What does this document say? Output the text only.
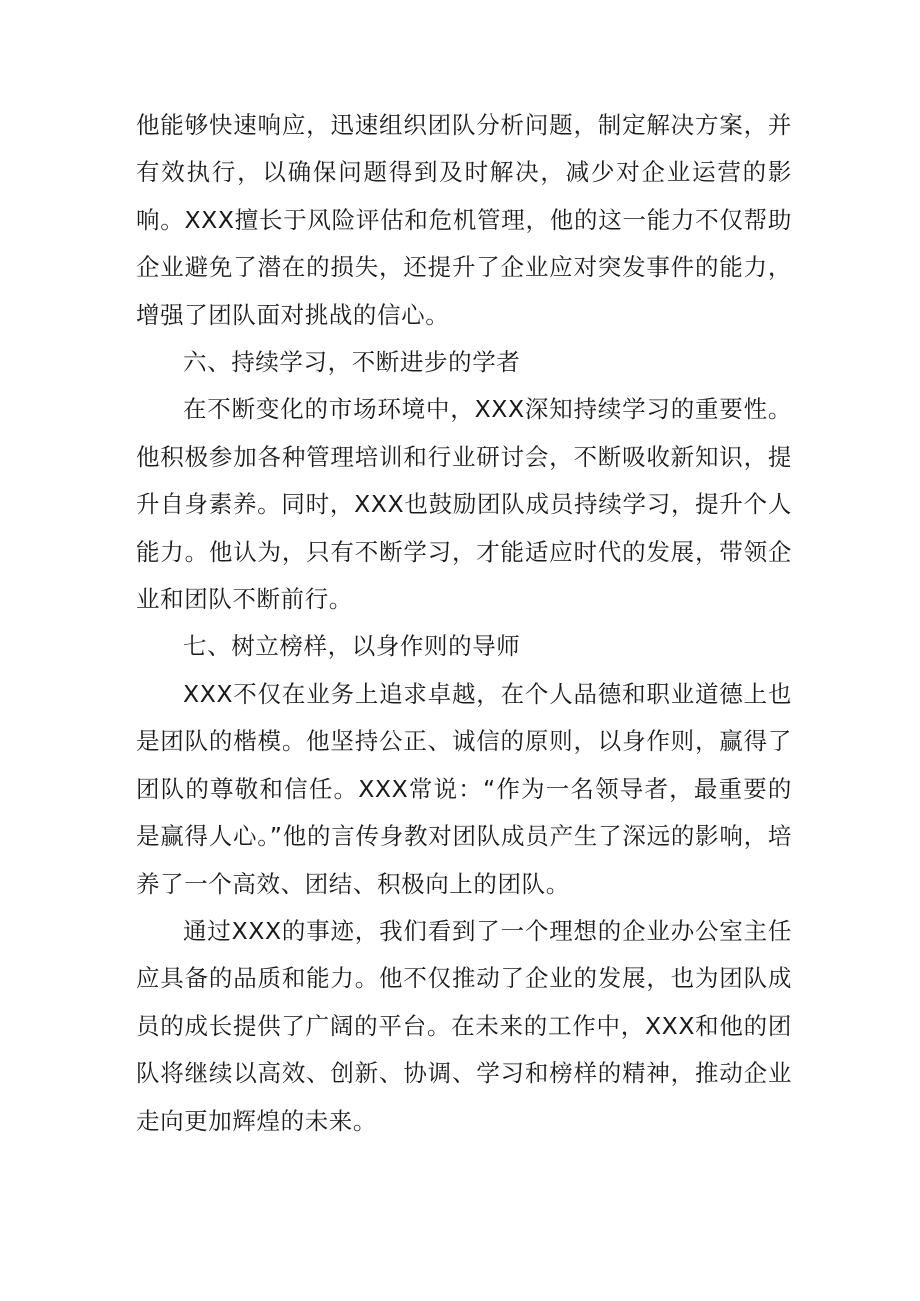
他能够快速响应，迅速组织团队分析问题，制定解决方案，并有效执行，以确保问题得到及时解决，减少对企业运营的影响。XXX擅长于风险评估和危机管理，他的这一能力不仅帮助企业避免了潜在的损失，还提升了企业应对突发事件的能力，增强了团队面对挑战的信心。

六、持续学习，不断进步的学者

在不断变化的市场环境中，XXX深知持续学习的重要性。他积极参加各种管理培训和行业研讨会，不断吸收新知识，提升自身素养。同时，XXX也鼓励团队成员持续学习，提升个人能力。他认为，只有不断学习，才能适应时代的发展，带领企业和团队不断前行。

七、树立榜样，以身作则的导师

XXX不仅在业务上追求卓越，在个人品德和职业道德上也是团队的楷模。他坚持公正、诚信的原则，以身作则，赢得了团队的尊敬和信任。XXX常说：“作为一名领导者，最重要的是赢得人心。”他的言传身教对团队成员产生了深远的影响，培养了一个高效、团结、积极向上的团队。

通过XXX的事迹，我们看到了一个理想的企业办公室主任应具备的品质和能力。他不仅推动了企业的发展，也为团队成员的成长提供了广阔的平台。在未来的工作中，XXX和他的团队将继续以高效、创新、协调、学习和榜样的精神，推动企业走向更加辉煌的未来。
